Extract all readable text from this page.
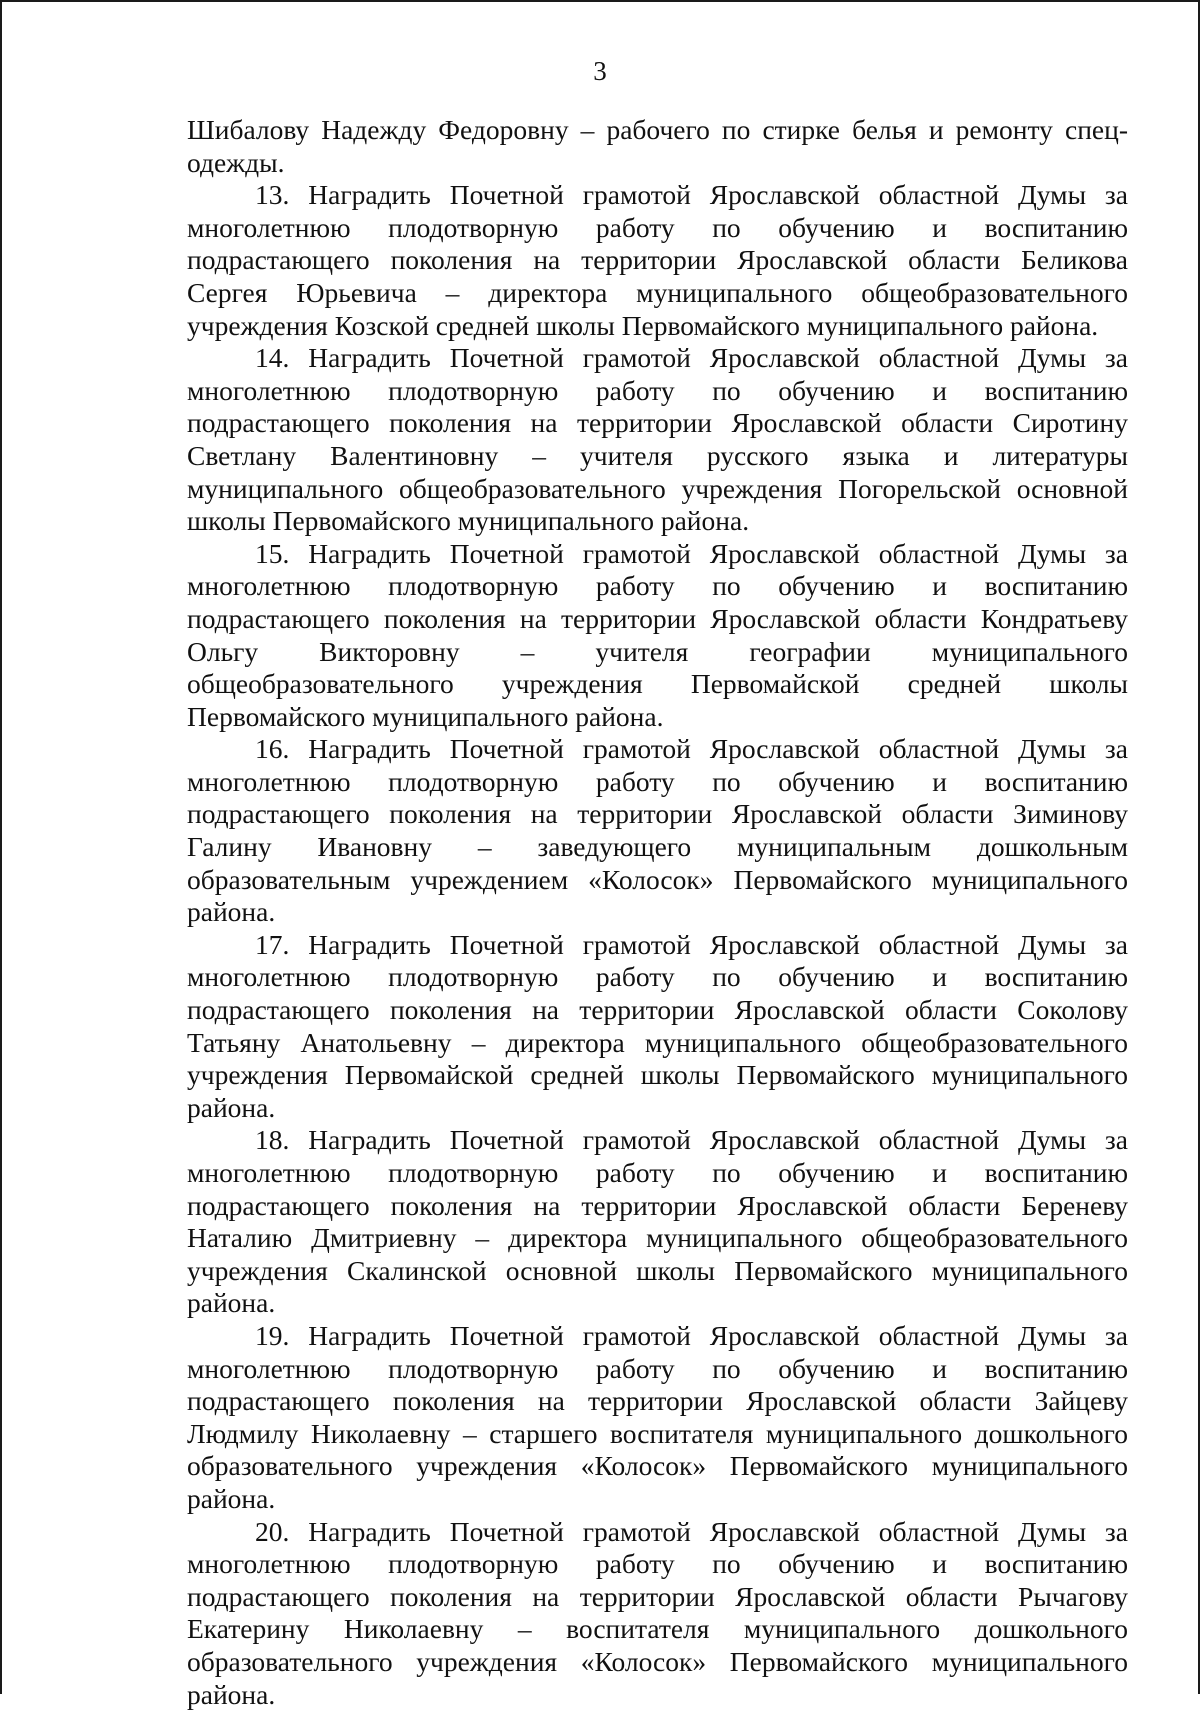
3

Шибалову Надежду Федоровну – рабочего по стирке белья и ремонту спец-одежды.

13. Наградить Почетной грамотой Ярославской областной Думы за многолетнюю плодотворную работу по обучению и воспитанию подрастающего поколения на территории Ярославской области Беликова Сергея Юрьевича – директора муниципального общеобразовательного учреждения Козской средней школы Первомайского муниципального района.

14. Наградить Почетной грамотой Ярославской областной Думы за многолетнюю плодотворную работу по обучению и воспитанию подрастающего поколения на территории Ярославской области Сиротину Светлану Валентиновну – учителя русского языка и литературы муниципального общеобразовательного учреждения Погорельской основной школы Первомайского муниципального района.

15. Наградить Почетной грамотой Ярославской областной Думы за многолетнюю плодотворную работу по обучению и воспитанию подрастающего поколения на территории Ярославской области Кондратьеву Ольгу Викторовну – учителя географии муниципального общеобразовательного учреждения Первомайской средней школы Первомайского муниципального района.

16. Наградить Почетной грамотой Ярославской областной Думы за многолетнюю плодотворную работу по обучению и воспитанию подрастающего поколения на территории Ярославской области Зиминову Галину Ивановну – заведующего муниципальным дошкольным образовательным учреждением «Колосок» Первомайского муниципального района.

17. Наградить Почетной грамотой Ярославской областной Думы за многолетнюю плодотворную работу по обучению и воспитанию подрастающего поколения на территории Ярославской области Соколову Татьяну Анатольевну – директора муниципального общеобразовательного учреждения Первомайской средней школы Первомайского муниципального района.

18. Наградить Почетной грамотой Ярославской областной Думы за многолетнюю плодотворную работу по обучению и воспитанию подрастающего поколения на территории Ярославской области Береневу Наталию Дмитриевну – директора муниципального общеобразовательного учреждения Скалинской основной школы Первомайского муниципального района.

19. Наградить Почетной грамотой Ярославской областной Думы за многолетнюю плодотворную работу по обучению и воспитанию подрастающего поколения на территории Ярославской области Зайцеву Людмилу Николаевну – старшего воспитателя муниципального дошкольного образовательного учреждения «Колосок» Первомайского муниципального района.

20. Наградить Почетной грамотой Ярославской областной Думы за многолетнюю плодотворную работу по обучению и воспитанию подрастающего поколения на территории Ярославской области Рычагову Екатерину Николаевну – воспитателя муниципального дошкольного образовательного учреждения «Колосок» Первомайского муниципального района.
